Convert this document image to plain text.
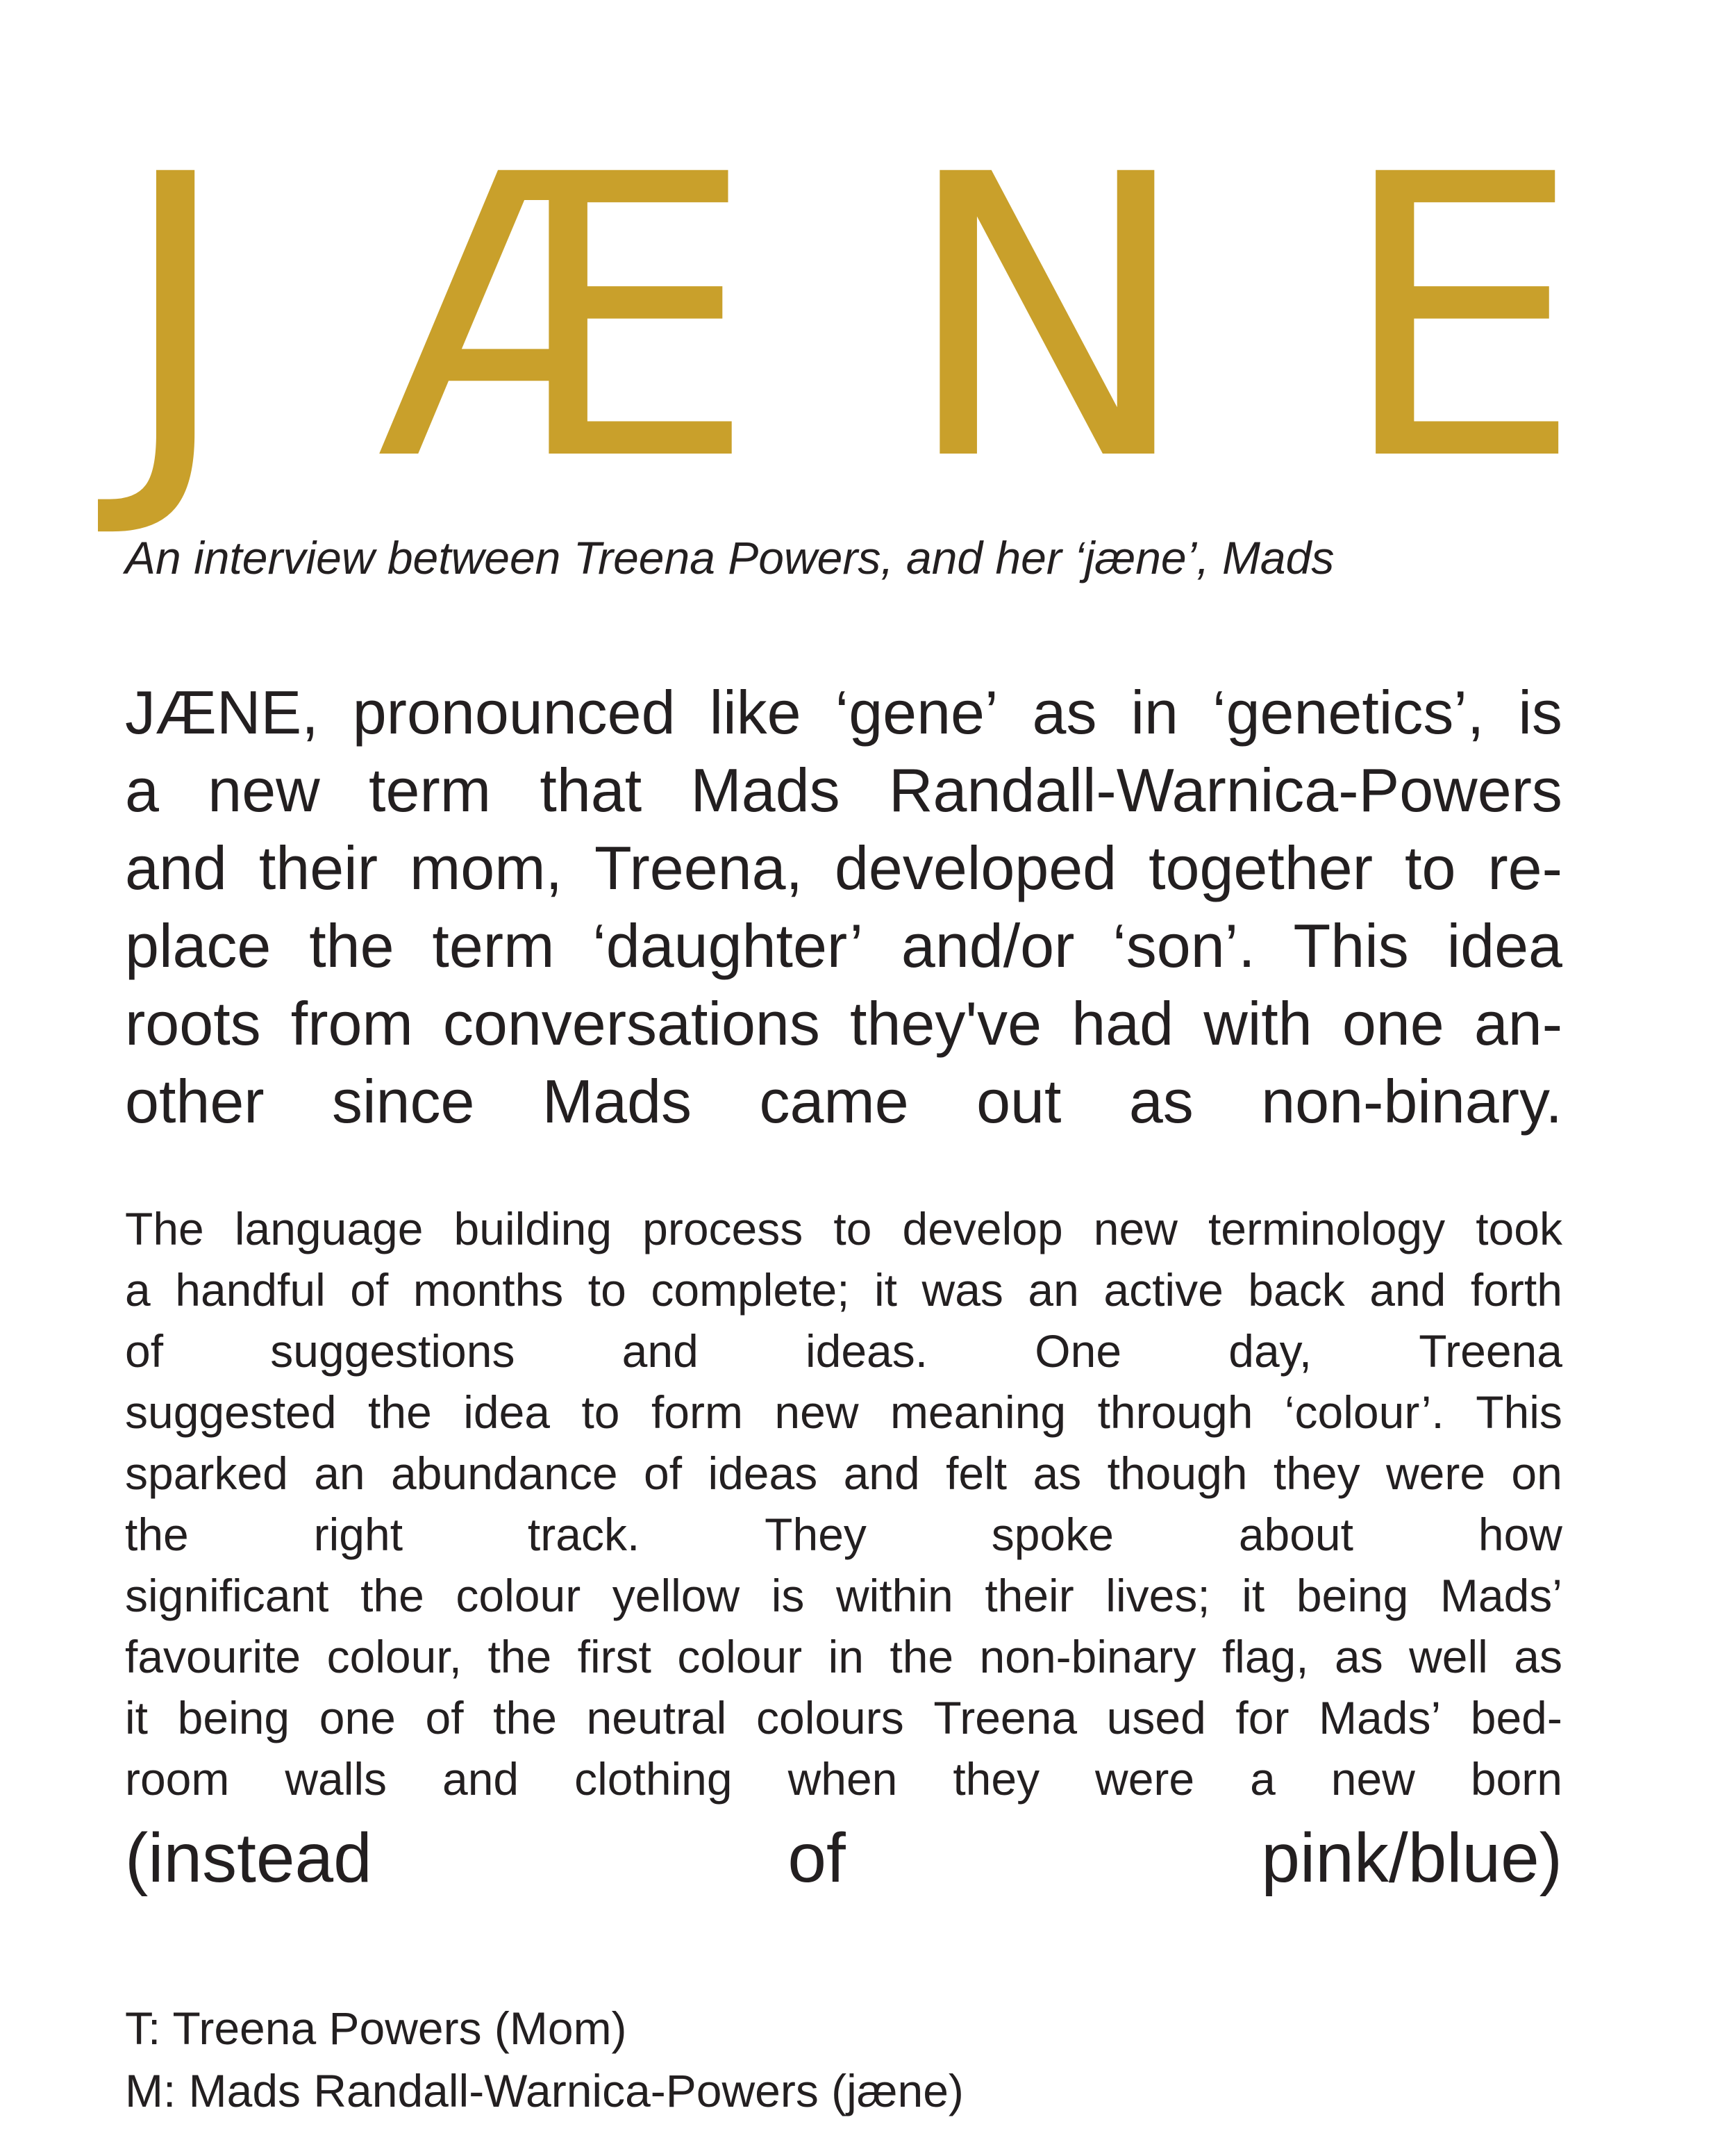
J Æ N E
An interview between Treena Powers, and her ‘jæne’, Mads
JÆNE, pronounced like ‘gene’ as in ‘genetics’, is
a new term that Mads Randall-Warnica-Powers
and their mom, Treena, developed together to re-
place the term ‘daughter’ and/or ‘son’. This idea
roots from conversations they've had with one an-
other since Mads came out as non-binary.
The language building process to develop new terminology took
a handful of months to complete; it was an active back and forth
of suggestions and ideas. One day, Treena
suggested the idea to form new meaning through ‘colour’. This
sparked an abundance of ideas and felt as though they were on
the	right	track.	They	spoke	about	how
significant the colour yellow is within their lives; it being Mads’
favourite colour, the first colour in the non-binary flag, as well as
it being one of the neutral colours Treena used for Mads’ bed-
room walls and clothing when they were a new born
(instead	of	pink/blue)
T: Treena Powers (Mom)
M: Mads Randall-Warnica-Powers (jæne)
